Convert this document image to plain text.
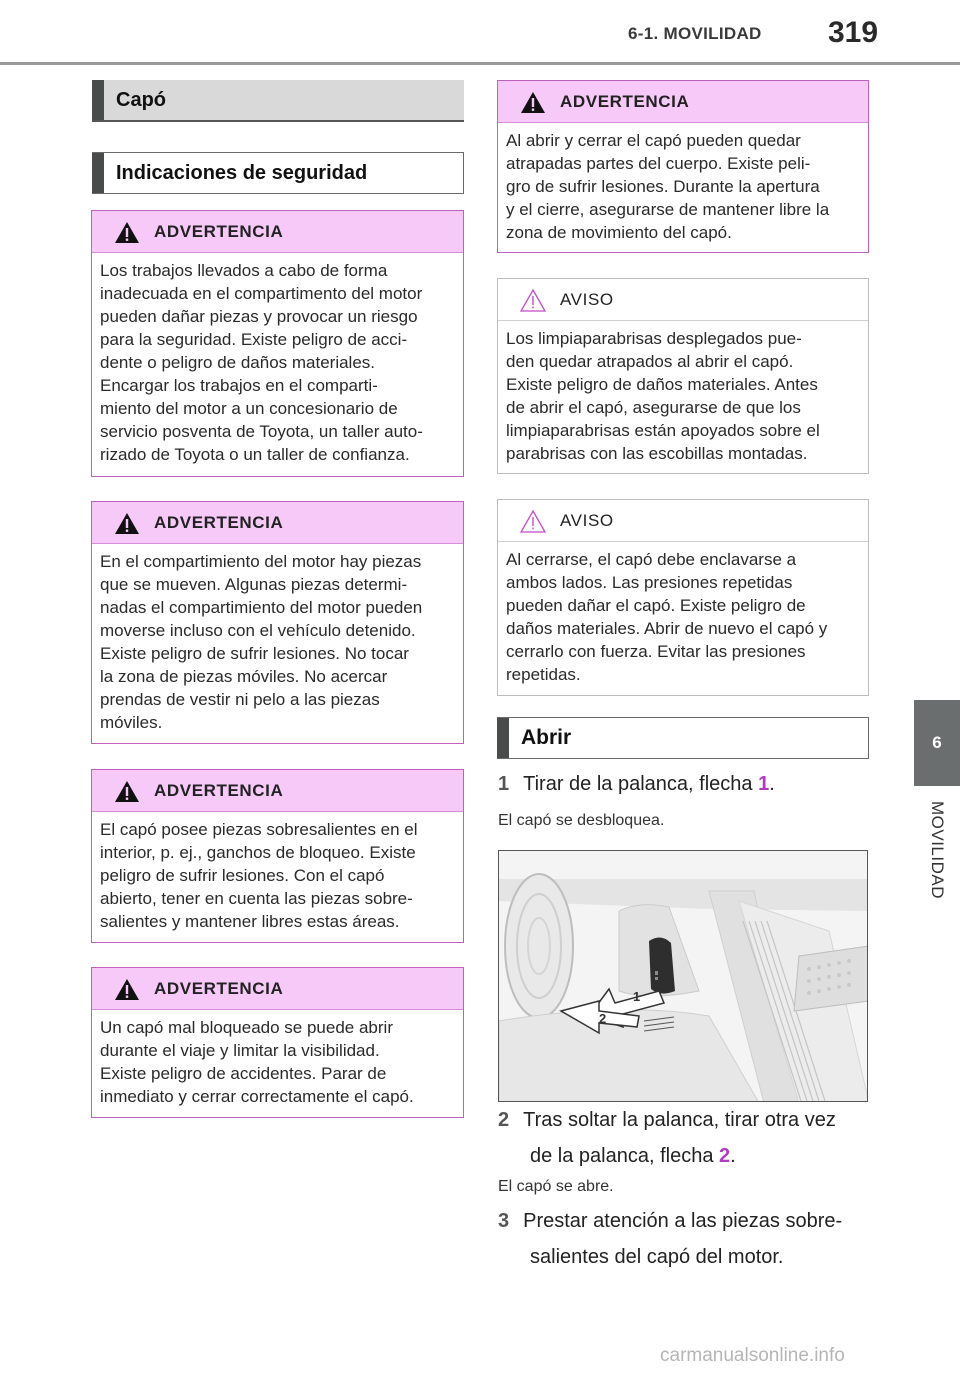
6-1. MOVILIDAD 319
6
MOVILIDAD
Capó
Indicaciones de seguridad
ADVERTENCIA

Los trabajos llevados a cabo de forma

inadecuada en el compartimento del motor

pueden dañar piezas y provocar un riesgo

para la seguridad. Existe peligro de acci-

dente o peligro de daños materiales.

Encargar los trabajos en el comparti-

miento del motor a un concesionario de

servicio posventa de Toyota, un taller auto-

rizado de Toyota o un taller de confianza.

ADVERTENCIA

En el compartimiento del motor hay piezas

que se mueven. Algunas piezas determi-

nadas el compartimiento del motor pueden

moverse incluso con el vehículo detenido.

Existe peligro de sufrir lesiones. No tocar

la zona de piezas móviles. No acercar

prendas de vestir ni pelo a las piezas

móviles.

ADVERTENCIA

El capó posee piezas sobresalientes en el

interior, p. ej., ganchos de bloqueo. Existe

peligro de sufrir lesiones. Con el capó

abierto, tener en cuenta las piezas sobre-

salientes y mantener libres estas áreas.

ADVERTENCIA

Un capó mal bloqueado se puede abrir

durante el viaje y limitar la visibilidad.

Existe peligro de accidentes. Parar de

inmediato y cerrar correctamente el capó.

ADVERTENCIA

Al abrir y cerrar el capó pueden quedar

atrapadas partes del cuerpo. Existe peli-

gro de sufrir lesiones. Durante la apertura

y el cierre, asegurarse de mantener libre la

zona de movimiento del capó.

AVISO

Los limpiaparabrisas desplegados pue-

den quedar atrapados al abrir el capó.

Existe peligro de daños materiales. Antes

de abrir el capó, asegurarse de que los

limpiaparabrisas están apoyados sobre el

parabrisas con las escobillas montadas.

AVISO

Al cerrarse, el capó debe enclavarse a

ambos lados. Las presiones repetidas

pueden dañar el capó. Existe peligro de

daños materiales. Abrir de nuevo el capó y

cerrarlo con fuerza. Evitar las presiones

repetidas.

Abrir
1 Tirar de la palanca, flecha 1.
El capó se desbloquea.
1
2
2 Tras soltar la palanca, tirar otra vez
de la palanca, flecha 2.
El capó se abre.
3 Prestar atención a las piezas sobre-
salientes del capó del motor.
carmanualsonline.info
